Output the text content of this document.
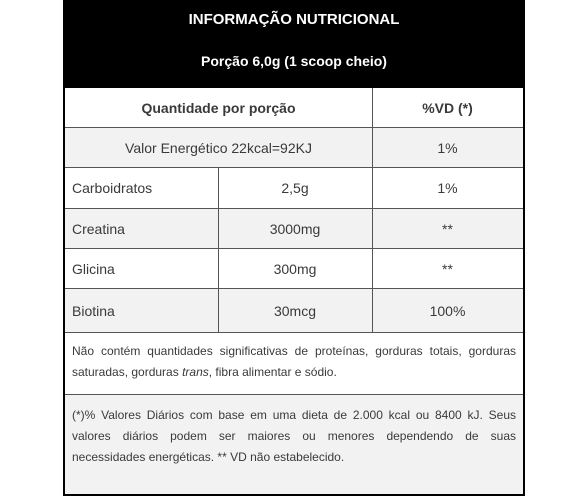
INFORMAÇÃO NUTRICIONAL
Porção 6,0g (1 scoop cheio)
Quantidade por porção	%VD (*)
Valor Energético 22kcal=92KJ	1%
Carboidratos	2,5g	1%
Creatina	3000mg	**
Glicina	300mg	**
Biotina	30mcg	100%
Não contém quantidades significativas de proteínas, gorduras totais, gorduras
saturadas, gorduras trans, fibra alimentar e sódio.
(*)% Valores Diários com base em uma dieta de 2.000 kcal ou 8400 kJ. Seus
valores diários podem ser maiores ou menores dependendo de suas
necessidades energéticas. ** VD não estabelecido.
